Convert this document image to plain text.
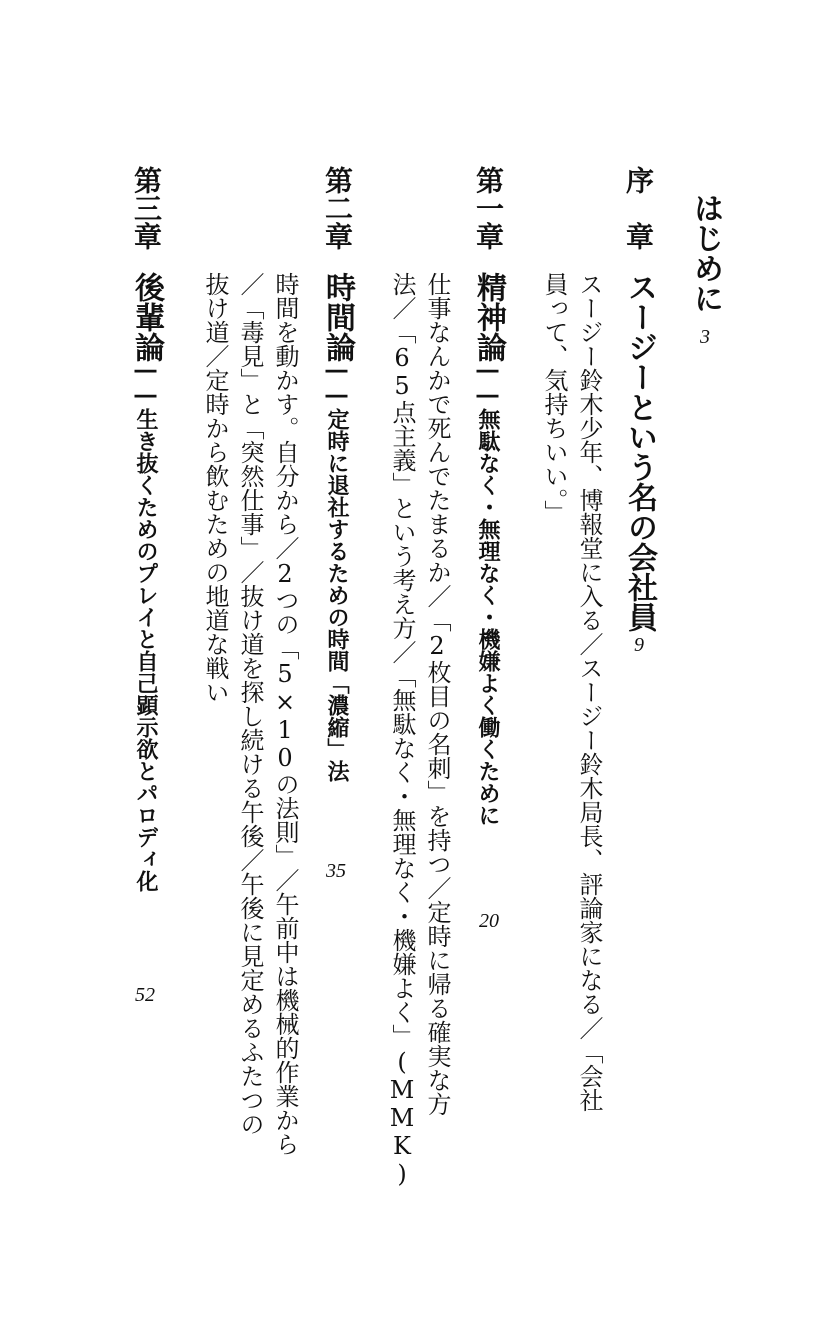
はじめに
3
序章
スージーという名の会社員
9
スージー鈴木少年、博報堂に入る／スージー鈴木局長、評論家になる／「会社
員って、気持ちいい。」
第一章
精神論
――無駄なく・無理なく・機嫌よく働くために
20
仕事なんかで死んでたまるか／「2枚目の名刺」を持つ／定時に帰る確実な方
法／「65点主義」という考え方／「無駄なく・無理なく・機嫌よく」(MMK)
第二章
時間論
――定時に退社するための時間「濃縮」法
35
時間を動かす。自分から／2つの「5×10の法則」／午前中は機械的作業から
／「毒見」と「突然仕事」／抜け道を探し続ける午後／午後に見定めるふたつの
抜け道／定時から飲むための地道な戦い
第三章
後輩論
――生き抜くためのプレイと自己顕示欲とパロディ化
52
